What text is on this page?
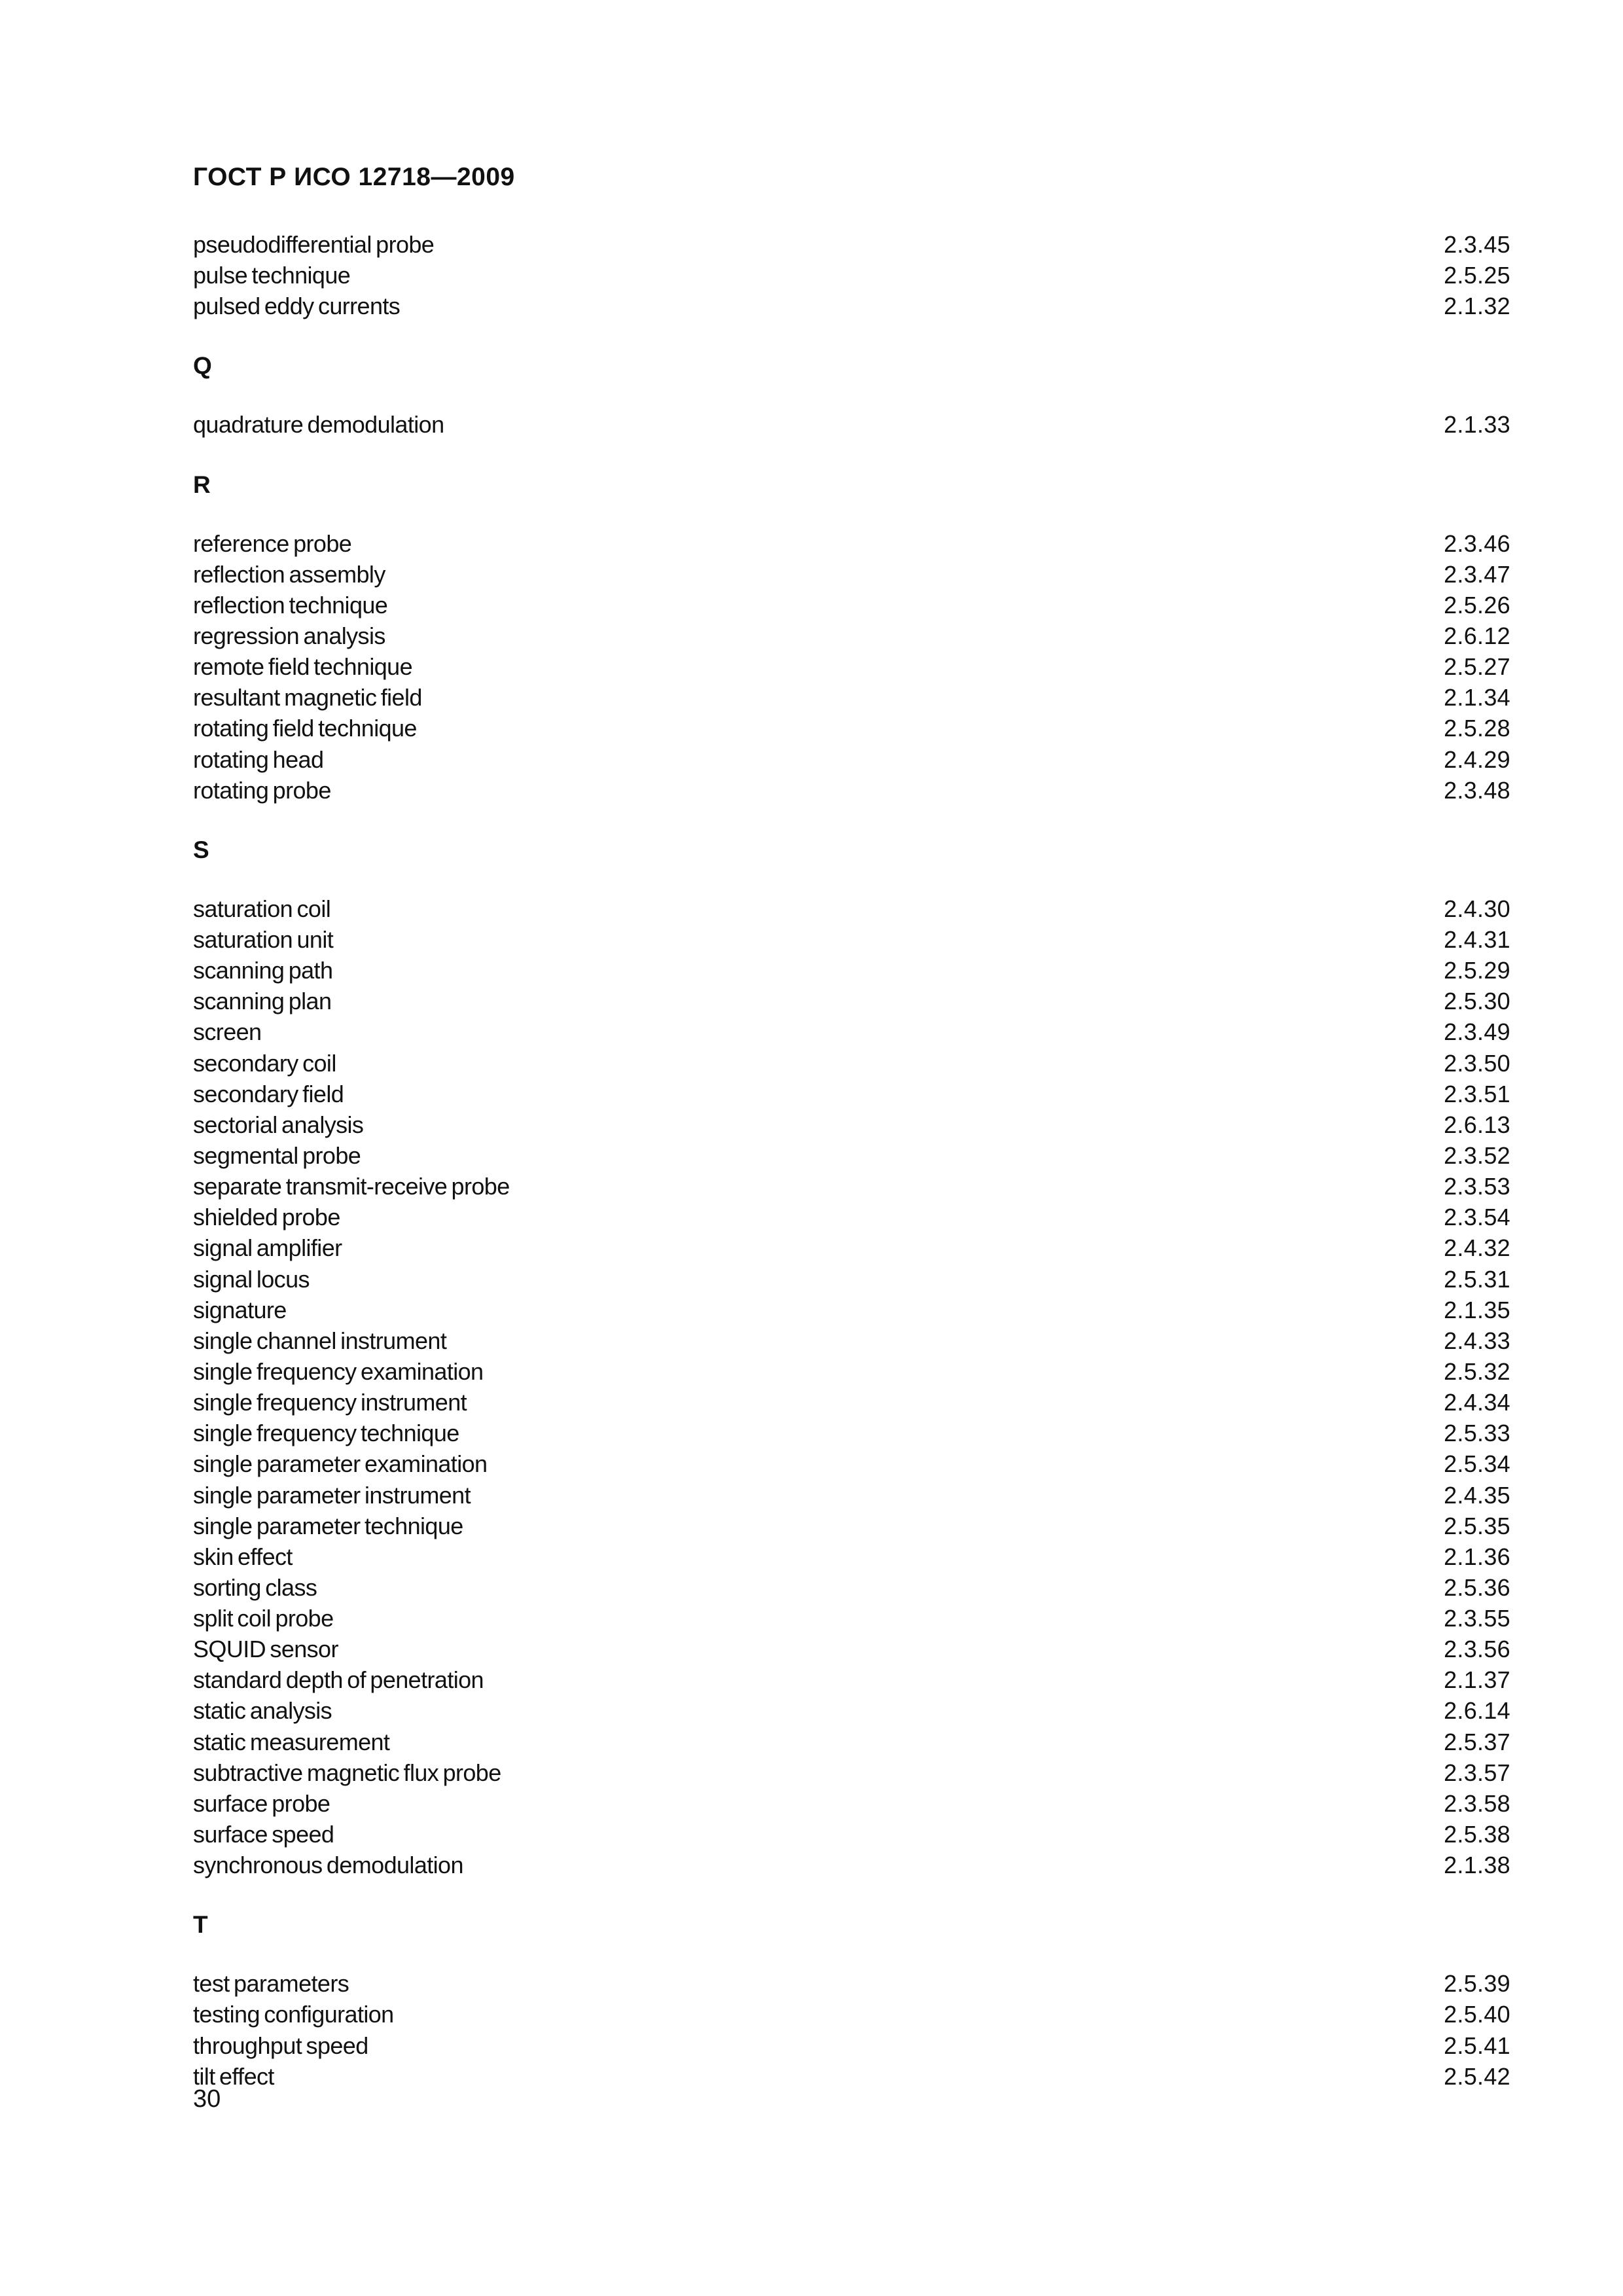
ГОСТ Р ИСО 12718—2009
pseudodifferential probe	2.3.45
pulse technique	2.5.25
pulsed eddy currents	2.1.32
Q
quadrature demodulation	2.1.33
R
reference probe	2.3.46
reflection assembly	2.3.47
reflection technique	2.5.26
regression analysis	2.6.12
remote field technique	2.5.27
resultant magnetic field	2.1.34
rotating field technique	2.5.28
rotating head	2.4.29
rotating probe	2.3.48
S
saturation coil	2.4.30
saturation unit	2.4.31
scanning path	2.5.29
scanning plan	2.5.30
screen	2.3.49
secondary coil	2.3.50
secondary field	2.3.51
sectorial analysis	2.6.13
segmental probe	2.3.52
separate transmit-receive probe	2.3.53
shielded probe	2.3.54
signal amplifier	2.4.32
signal locus	2.5.31
signature	2.1.35
single channel instrument	2.4.33
single frequency examination	2.5.32
single frequency instrument	2.4.34
single frequency technique	2.5.33
single parameter examination	2.5.34
single parameter instrument	2.4.35
single parameter technique	2.5.35
skin effect	2.1.36
sorting class	2.5.36
split coil probe	2.3.55
SQUID sensor	2.3.56
standard depth of penetration	2.1.37
static analysis	2.6.14
static measurement	2.5.37
subtractive magnetic flux probe	2.3.57
surface probe	2.3.58
surface speed	2.5.38
synchronous demodulation	2.1.38
T
test parameters	2.5.39
testing configuration	2.5.40
throughput speed	2.5.41
tilt effect	2.5.42
30
